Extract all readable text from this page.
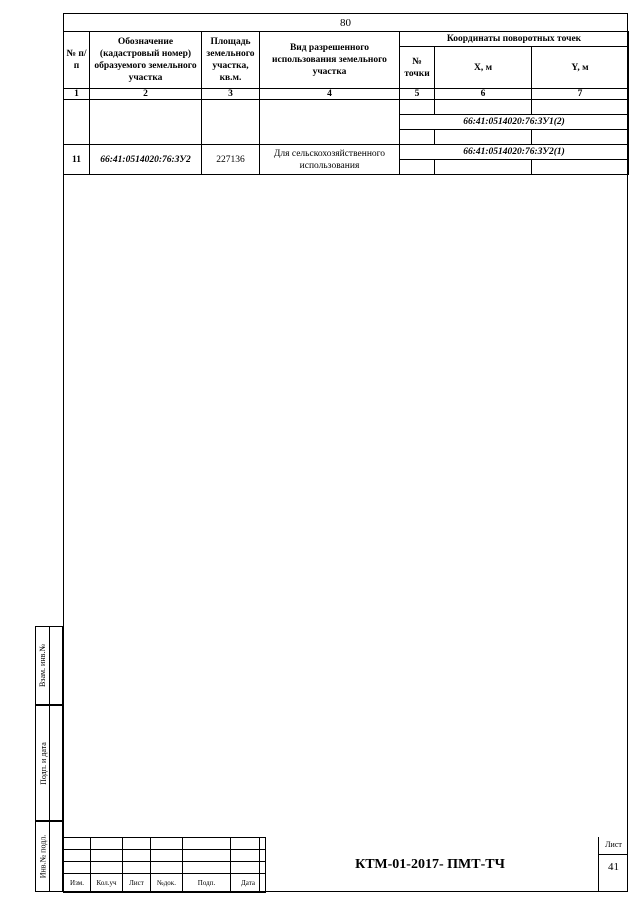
80
№ п/п	Обозначение (кадастровый номер) образуемого земельного участка	Площадь земельного участка, кв.м.	Вид разрешенного использования земельного участка	Координаты поворотных точек		
				№ точки	X, м	Y, м
1	2	3	4	5	6	7

				66:41:0514020:76:ЗУ1(2)		

11	66:41:0514020:76:ЗУ2	227136	Для сельскохозяйственного использования	66:41:0514020:76:ЗУ2(1)		

Взам. инв.№
Подп. и дата
Инв.№ подл.

Изм.	Кол.уч	Лист	№док.	Подп.	Дата
КТМ-01-2017- ПМТ-ТЧ
Лист
41
